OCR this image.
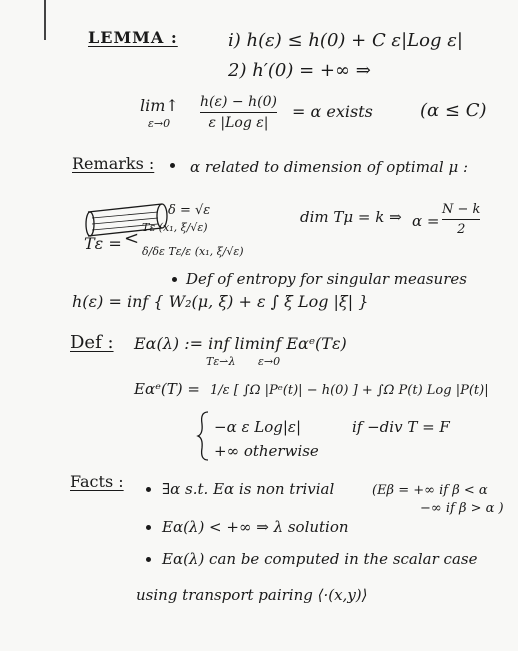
LEMMA :	i) h(ε) ≤ h(0) + C ε|Log ε|
2) h′(0) = +∞ ⇒
lim↑
ε→0
h(ε) − h(0)
ε |Log ε|
= α exists	(α ≤ C)
Remarks : α related to dimension of optimal μ :
δ = √ε
Tε = <
Tε (x₁, ξ/√ε)
δ/δε Tε/ε (x₁, ξ/√ε)
dim Tμ = k ⇒ α =
N − k
2
Def of entropy for singular measures
h(ε) = inf { W₂(μ, ξ) + ε ∫ ξ Log |ξ| }
Def : Eα(λ) := inf liminf Eαᵉ(Tε)
Tε⇀λ ε→0
Eαᵉ(T) = 1/ε [ ∫Ω |Pᵉ(t)| − h(0) ] + ∫Ω P(t) Log |P(t)|
−α ε Log|ε|	if −div T = F
+∞ otherwise
Facts :	∃α s.t. Eα is non trivial	(Eβ = +∞ if β < α
−∞ if β > α )
Eα(λ) < +∞ ⇒ λ solution
Eα(λ) can be computed in the scalar case
using transport pairing ⟨·(x,y)⟩
